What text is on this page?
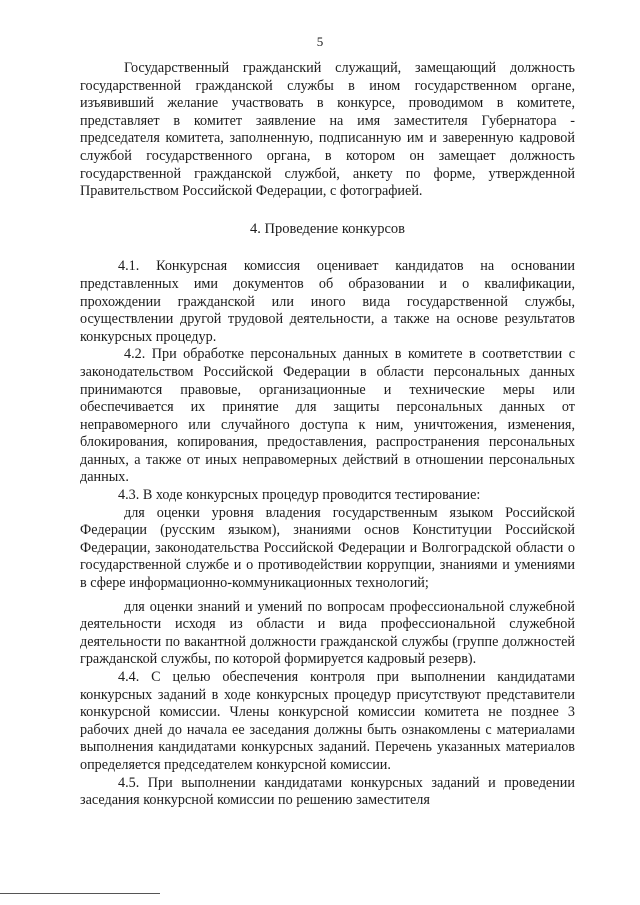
5

Государственный гражданский служащий, замещающий должность государственной гражданской службы в ином государственном органе, изъявивший желание участвовать в конкурсе, проводимом в комитете, представляет в комитет заявление на имя заместителя Губернатора - председателя комитета, заполненную, подписанную им и заверенную кадровой службой государственного органа, в котором он замещает должность государственной гражданской службой, анкету по форме, утвержденной Правительством Российской Федерации, с фотографией.

4. Проведение конкурсов

4.1. Конкурсная комиссия оценивает кандидатов на основании представленных ими документов об образовании и о квалификации, прохождении гражданской или иного вида государственной службы, осуществлении другой трудовой деятельности, а также на основе результатов конкурсных процедур.

4.2. При обработке персональных данных в комитете в соответствии с законодательством Российской Федерации в области персональных данных принимаются правовые, организационные и технические меры или обеспечивается их принятие для защиты персональных данных от неправомерного или случайного доступа к ним, уничтожения, изменения, блокирования, копирования, предоставления, распространения персональных данных, а также от иных неправомерных действий в отношении персональных данных.

4.3. В ходе конкурсных процедур проводится тестирование:

для оценки уровня владения государственным языком Российской Федерации (русским языком), знаниями основ Конституции Российской Федерации, законодательства Российской Федерации и Волгоградской области о государственной службе и о противодействии коррупции, знаниями и умениями в сфере информационно-коммуникационных технологий;

для оценки знаний и умений по вопросам профессиональной служебной деятельности исходя из области и вида профессиональной служебной деятельности по вакантной должности гражданской службы (группе должностей гражданской службы, по которой формируется кадровый резерв).

4.4. С целью обеспечения контроля при выполнении кандидатами конкурсных заданий в ходе конкурсных процедур присутствуют представители конкурсной комиссии. Члены конкурсной комиссии комитета не позднее 3 рабочих дней до начала ее заседания должны быть ознакомлены с материалами выполнения кандидатами конкурсных заданий. Перечень указанных материалов определяется председателем конкурсной комиссии.

4.5. При выполнении кандидатами конкурсных заданий и проведении заседания конкурсной комиссии по решению заместителя
